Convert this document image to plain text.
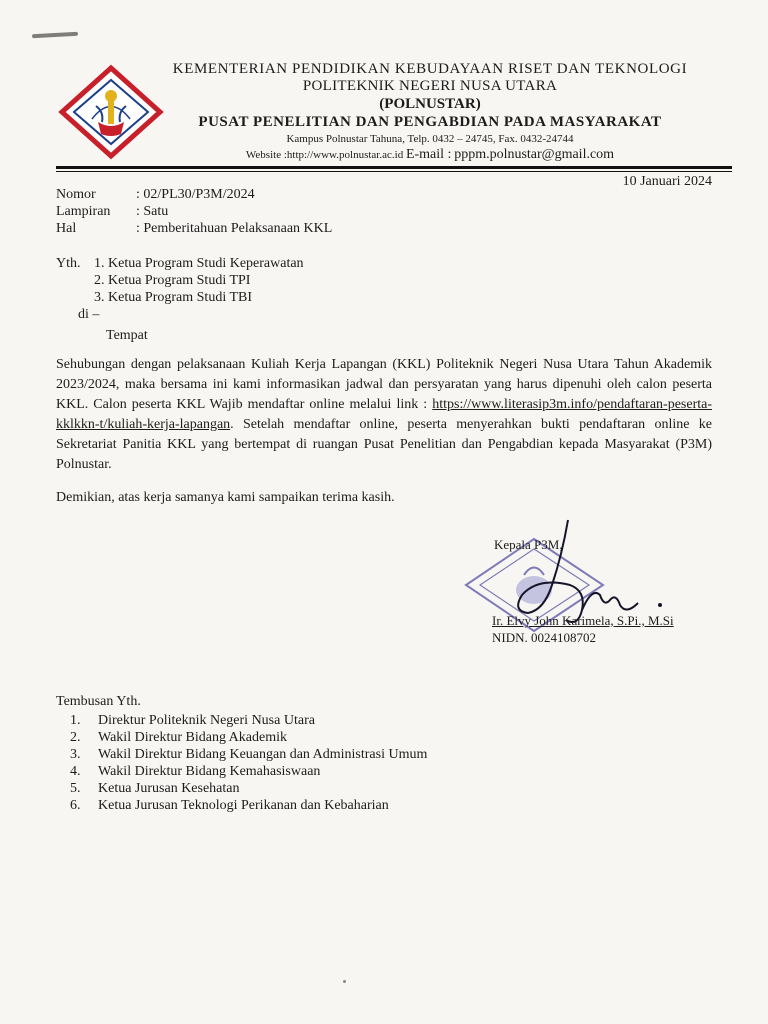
KEMENTERIAN PENDIDIKAN KEBUDAYAAN RISET DAN TEKNOLOGI
POLITEKNIK NEGERI NUSA UTARA
(POLNUSTAR)
PUSAT PENELITIAN DAN PENGABDIAN PADA MASYARAKAT
Kampus Polnustar Tahuna, Telp. 0432 – 24745, Fax. 0432-24744
Website :http://www.polnustar.ac.id E-mail : pppm.polnustar@gmail.com
10 Januari 2024
Nomor	: 02/PL30/P3M/2024
Lampiran	: Satu
Hal	: Pemberitahuan Pelaksanaan KKL
Yth. 1. Ketua Program Studi Keperawatan
2. Ketua Program Studi TPI
3. Ketua Program Studi TBI
di –
Tempat

Sehubungan dengan pelaksanaan Kuliah Kerja Lapangan (KKL) Politeknik Negeri Nusa Utara Tahun Akademik 2023/2024, maka bersama ini kami informasikan jadwal dan persyaratan yang harus dipenuhi oleh calon peserta KKL. Calon peserta KKL Wajib mendaftar online melalui link : https://www.literasip3m.info/pendaftaran-peserta-kklkkn-t/kuliah-kerja-lapangan. Setelah mendaftar online, peserta menyerahkan bukti pendaftaran online ke Sekretariat Panitia KKL yang bertempat di ruangan Pusat Penelitian dan Pengabdian kepada Masyarakat (P3M) Polnustar.

Demikian, atas kerja samanya kami sampaikan terima kasih.
Kepala P3M,
Ir. Elvy John Karimela, S.Pi., M.Si
NIDN. 0024108702
Tembusan Yth.
1.	Direktur Politeknik Negeri Nusa Utara
2.	Wakil Direktur Bidang Akademik
3.	Wakil Direktur Bidang Keuangan dan Administrasi Umum
4.	Wakil Direktur Bidang Kemahasiswaan
5.	Ketua Jurusan Kesehatan
6.	Ketua Jurusan Teknologi Perikanan dan Kebaharian
